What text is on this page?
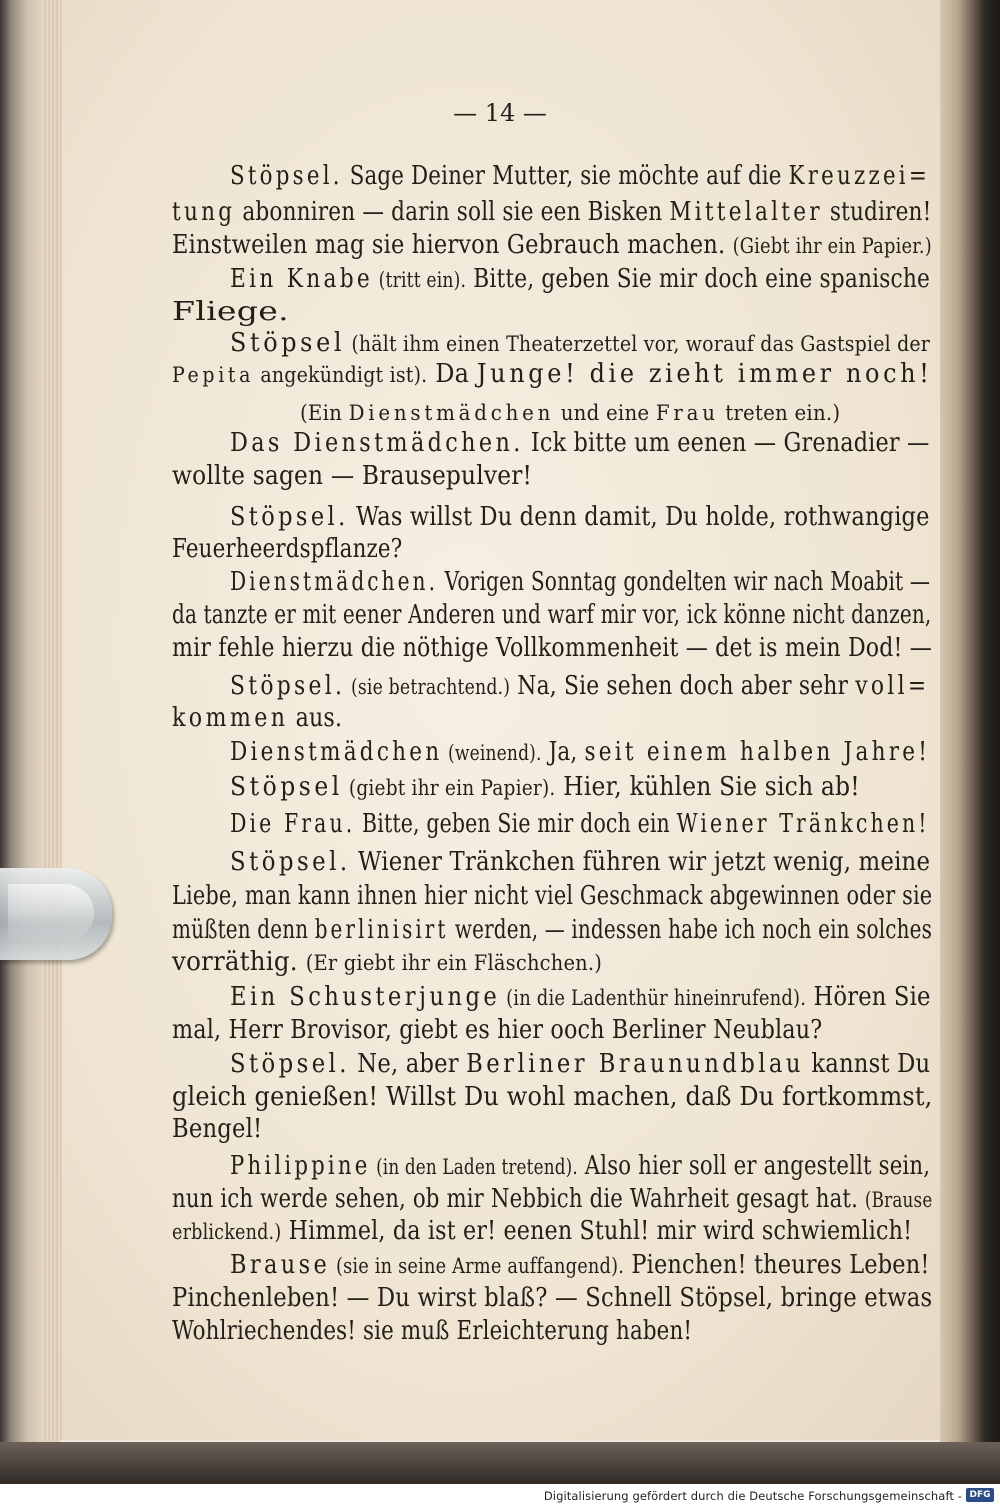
— 14 —
Stöpsel. Sage Deiner Mutter, sie möchte auf die Kreuzzei=
tung abonniren — darin soll sie een Bisken Mittelalter studiren!
Einstweilen mag sie hiervon Gebrauch machen. (Giebt ihr ein Papier.)
Ein Knabe (tritt ein). Bitte, geben Sie mir doch eine spanische
Fliege.
Stöpsel (hält ihm einen Theaterzettel vor, worauf das Gastspiel der
Pepita angekündigt ist). Da Junge! die zieht immer noch!
(Ein Dienstmädchen und eine Frau treten ein.)
Das Dienstmädchen. Ick bitte um eenen — Grenadier —
wollte sagen — Brausepulver!
Stöpsel. Was willst Du denn damit, Du holde, rothwangige
Feuerheerdspflanze?
Dienstmädchen. Vorigen Sonntag gondelten wir nach Moabit —
da tanzte er mit eener Anderen und warf mir vor, ick könne nicht danzen,
mir fehle hierzu die nöthige Vollkommenheit — det is mein Dod! —
Stöpsel. (sie betrachtend.) Na, Sie sehen doch aber sehr voll=
kommen aus.
Dienstmädchen (weinend). Ja, seit einem halben Jahre!
Stöpsel (giebt ihr ein Papier). Hier, kühlen Sie sich ab!
Die Frau. Bitte, geben Sie mir doch ein Wiener Tränkchen!
Stöpsel. Wiener Tränkchen führen wir jetzt wenig, meine
Liebe, man kann ihnen hier nicht viel Geschmack abgewinnen oder sie
müßten denn berlinisirt werden, — indessen habe ich noch ein solches
vorräthig. (Er giebt ihr ein Fläschchen.)
Ein Schusterjunge (in die Ladenthür hineinrufend). Hören Sie
mal, Herr Brovisor, giebt es hier ooch Berliner Neublau?
Stöpsel. Ne, aber Berliner Braunundblau kannst Du
gleich genießen! Willst Du wohl machen, daß Du fortkommst,
Bengel!
Philippine (in den Laden tretend). Also hier soll er angestellt sein,
nun ich werde sehen, ob mir Nebbich die Wahrheit gesagt hat. (Brause
erblickend.) Himmel, da ist er! eenen Stuhl! mir wird schwiemlich!
Brause (sie in seine Arme auffangend). Pienchen! theures Leben!
Pinchenleben! — Du wirst blaß? — Schnell Stöpsel, bringe etwas
Wohlriechendes! sie muß Erleichterung haben!
Digitalisierung gefördert durch die Deutsche Forschungsgemeinschaft - DFG
